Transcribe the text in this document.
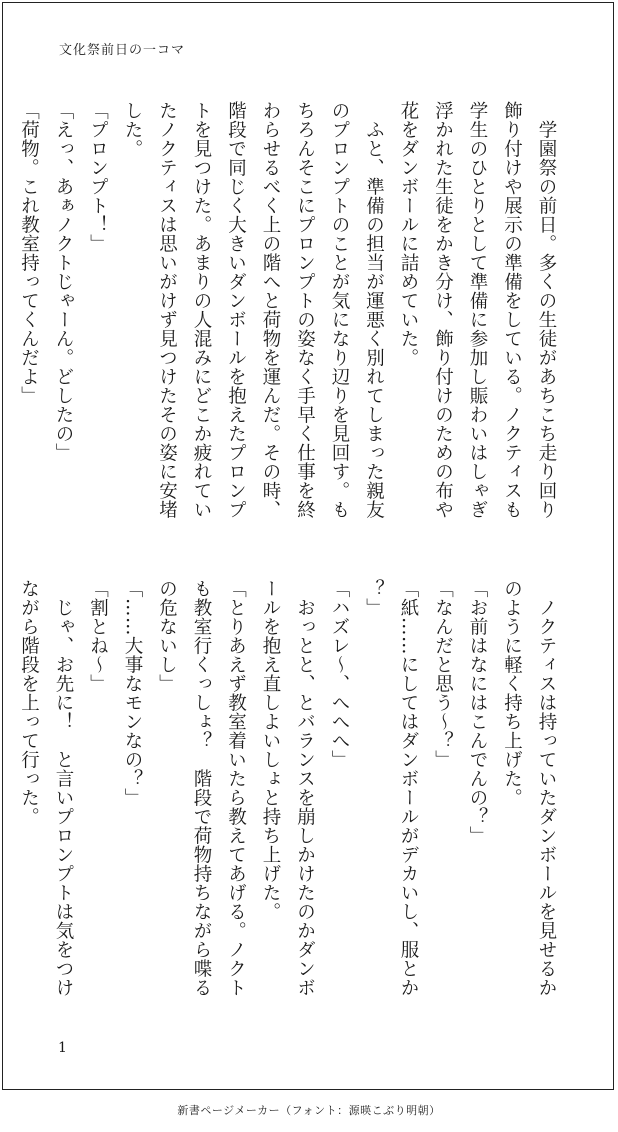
文化祭前日の一コマ

　学園祭の前日。多くの生徒があちこち走り回り

飾り付けや展示の準備をしている。ノクティスも

学生のひとりとして準備に参加し賑わいはしゃぎ

浮かれた生徒をかき分け、飾り付けのための布や

花をダンボールに詰めていた。

　ふと、準備の担当が運悪く別れてしまった親友

のプロンプトのことが気になり辺りを見回す。も

ちろんそこにプロンプトの姿なく手早く仕事を終

わらせるべく上の階へと荷物を運んだ。その時、

階段で同じく大きいダンボールを抱えたプロンプ

トを見つけた。あまりの人混みにどこか疲れてい

たノクティスは思いがけず見つけたその姿に安堵

した。

「プロンプト！」

「えっ、あぁノクトじゃーん。どしたの」

「荷物。これ教室持ってくんだよ」

　ノクティスは持っていたダンボールを見せるか

のように軽く持ち上げた。

「お前はなにはこんでんの？」

「なんだと思う～？」

「紙……にしてはダンボールがデカいし、服とか

？」

「ハズレ～、へへへ」

　おっとと、とバランスを崩しかけたのかダンボ

ールを抱え直しよいしょと持ち上げた。

「とりあえず教室着いたら教えてあげる。ノクト

も教室行くっしょ？　階段で荷物持ちながら喋る

の危ないし」

「……大事なモンなの？」

「割とね～」

　じゃ、お先に！　と言いプロンプトは気をつけ

ながら階段を上って行った。

1
新書ページメーカー（フォント：源暎こぶり明朝）
